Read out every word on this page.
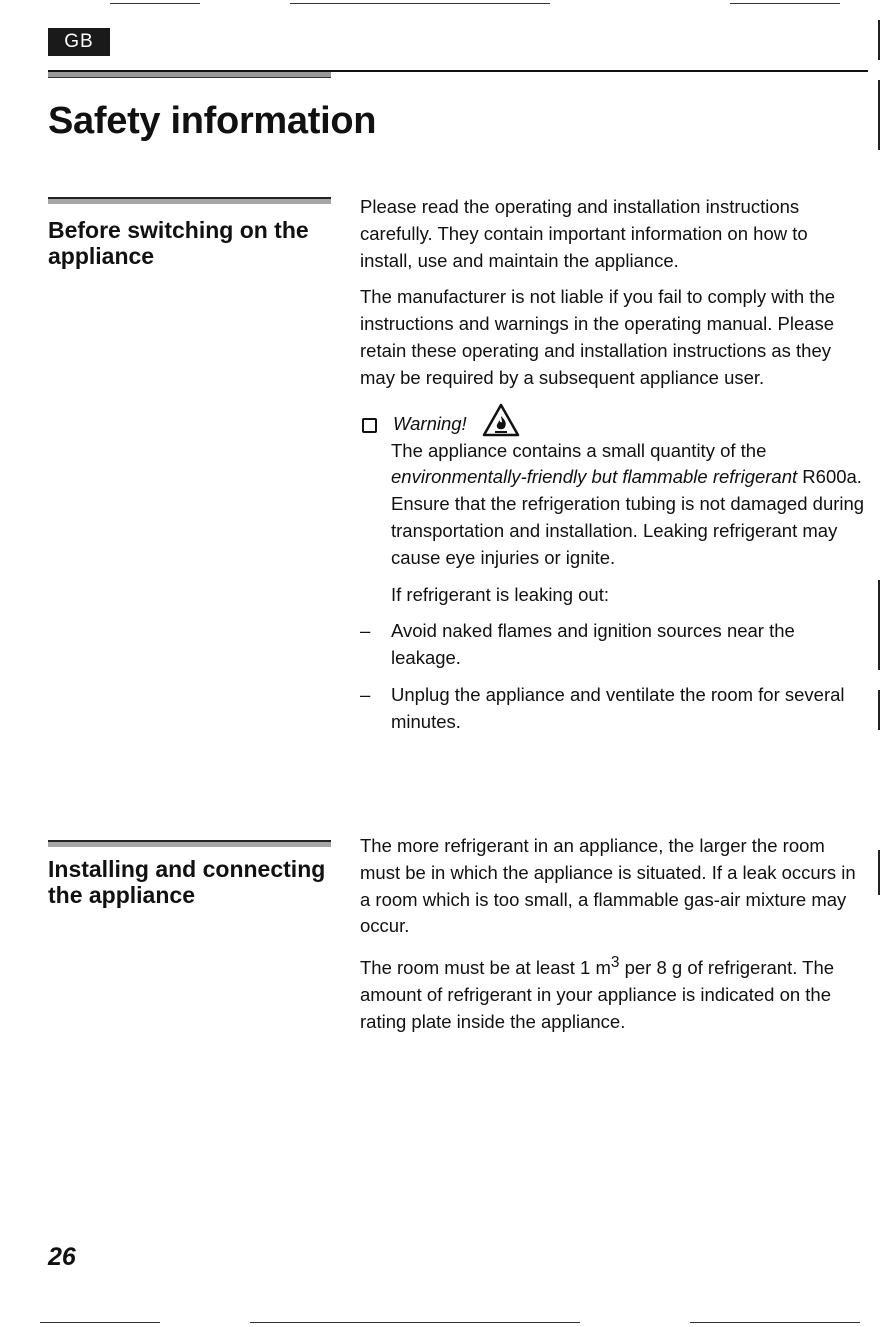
GB
Safety information
Before switching on the appliance

Please read the operating and installation instructions carefully. They contain important information on how to install, use and maintain the appliance.

The manufacturer is not liable if you fail to comply with the instructions and warnings in the operating manual. Please retain these operating and installation instructions as they may be required by a subsequent appliance user.

Warning!

The appliance contains a small quantity of the environmentally-friendly but flammable refrigerant R600a. Ensure that the refrigeration tubing is not damaged during transportation and installation. Leaking refrigerant may cause eye injuries or ignite.

If refrigerant is leaking out:

–	Avoid naked flames and ignition sources near the leakage.
–	Unplug the appliance and ventilate the room for several minutes.
Installing and connecting the appliance

The more refrigerant in an appliance, the larger the room must be in which the appliance is situated. If a leak occurs in a room which is too small, a flammable gas-air mixture may occur.

The room must be at least 1 $m^3$ per 8 g of refrigerant. The amount of refrigerant in your appliance is indicated on the rating plate inside the appliance.

26
